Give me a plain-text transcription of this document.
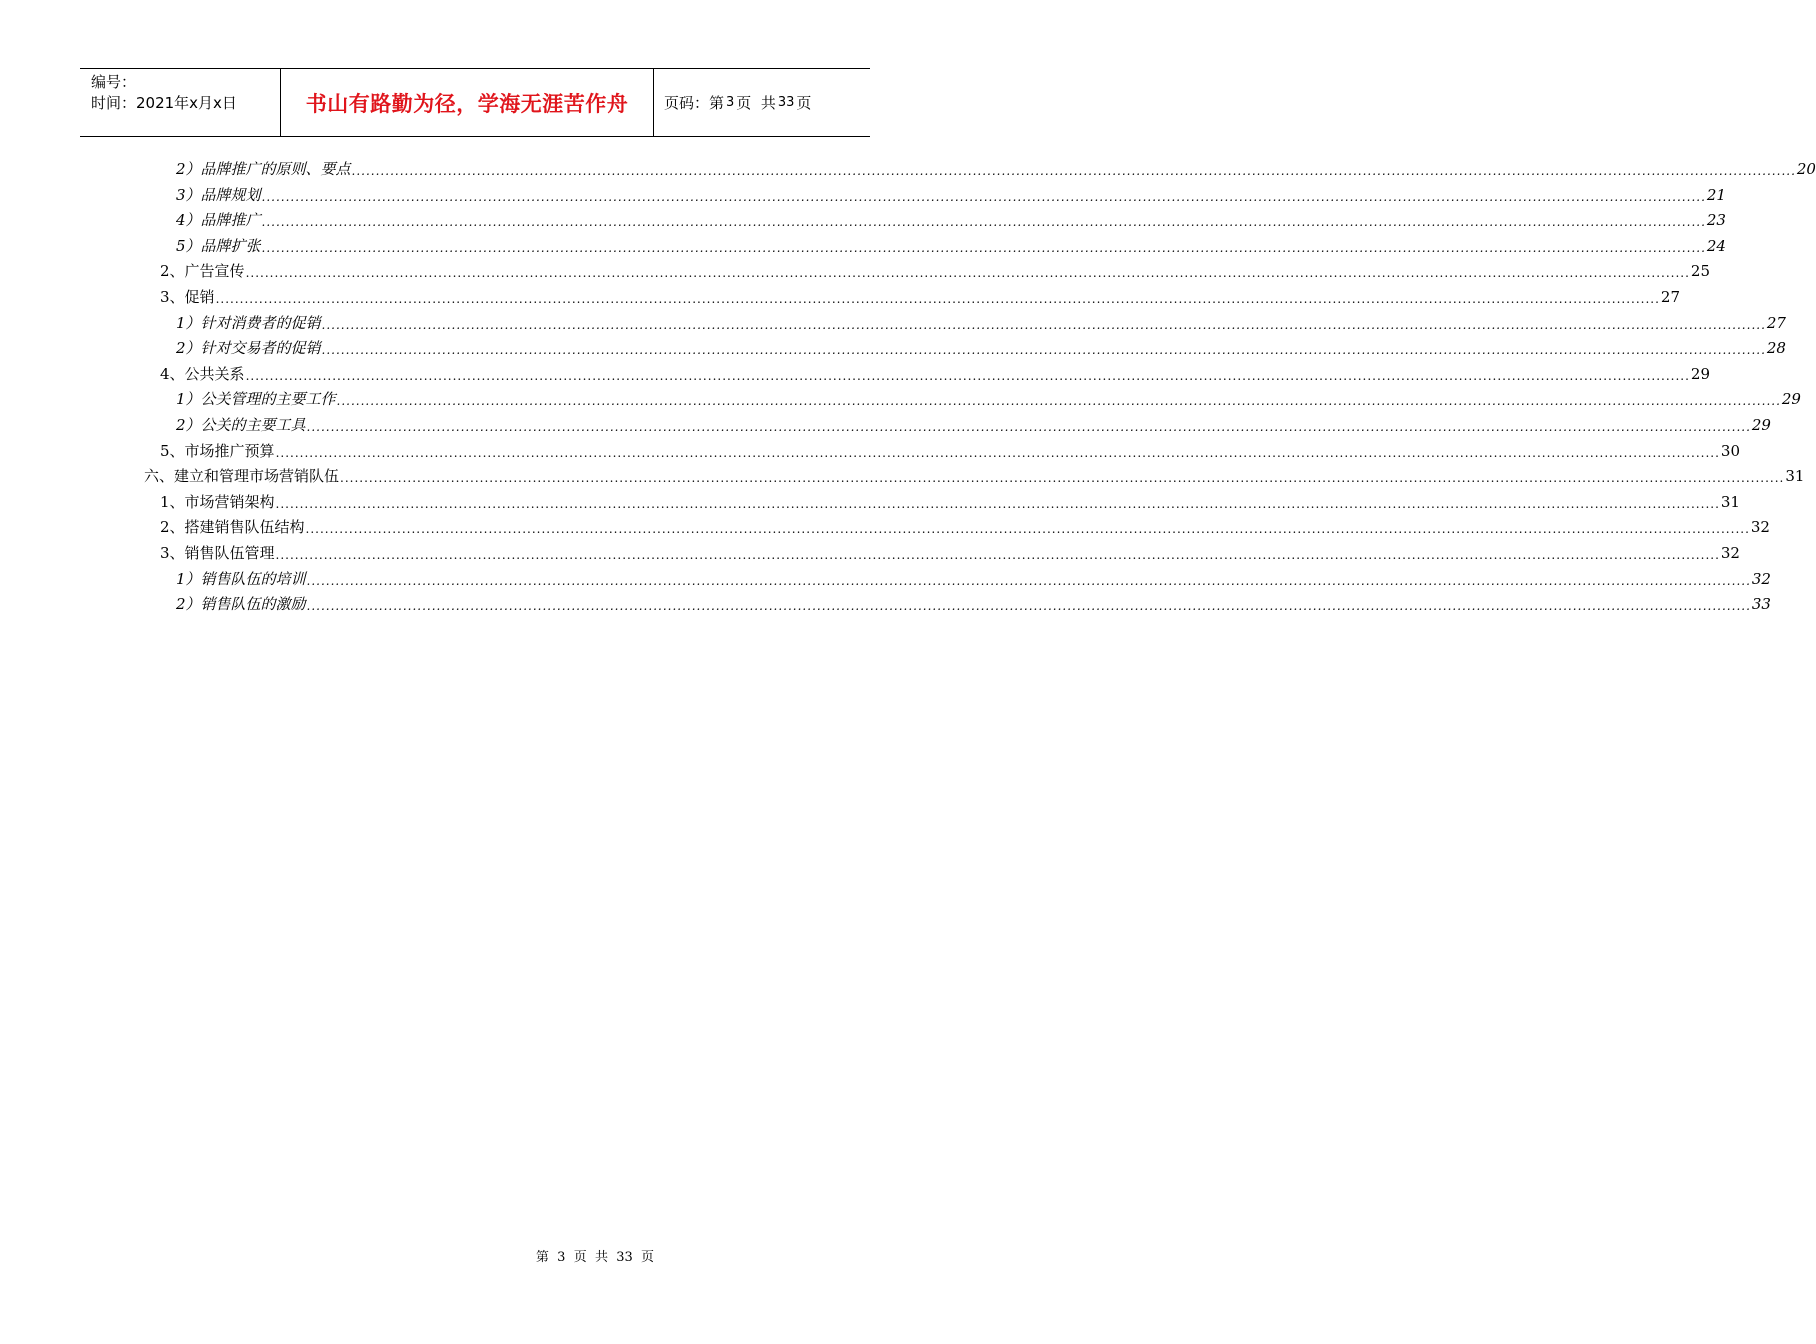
编号：
时间：2021年x月x日	书山有路勤为径，学海无涯苦作舟 页码：第 3 页  共 33 页
2）品牌推广的原则、要点 ............................................................................................................................................................................................................................................................................................................ 20
3）品牌规划 ............................................................................................................................................................................................................................................................................................................ 21
4）品牌推广 ............................................................................................................................................................................................................................................................................................................ 23
5）品牌扩张 ............................................................................................................................................................................................................................................................................................................ 24
2、 广告宣传 ............................................................................................................................................................................................................................................................................................................ 25
3、 促销 ............................................................................................................................................................................................................................................................................................................ 27
1）针对消费者的促销 ............................................................................................................................................................................................................................................................................................................ 27
2）针对交易者的促销 ............................................................................................................................................................................................................................................................................................................ 28
4、 公共关系 ............................................................................................................................................................................................................................................................................................................ 29
1）公关管理的主要工作 ............................................................................................................................................................................................................................................................................................................ 29
2）公关的主要工具 ............................................................................................................................................................................................................................................................................................................ 29
5、 市场推广预算 ............................................................................................................................................................................................................................................................................................................ 30
六、建立和管理市场营销队伍 ............................................................................................................................................................................................................................................................................................................ 31
1、市场营销架构 ............................................................................................................................................................................................................................................................................................................ 31
2、搭建销售队伍结构 ............................................................................................................................................................................................................................................................................................................ 32
3、销售队伍管理 ............................................................................................................................................................................................................................................................................................................ 32
1）销售队伍的培训 ............................................................................................................................................................................................................................................................................................................ 32
2）销售队伍的激励 ............................................................................................................................................................................................................................................................................................................ 33
第  3  页  共  33  页
